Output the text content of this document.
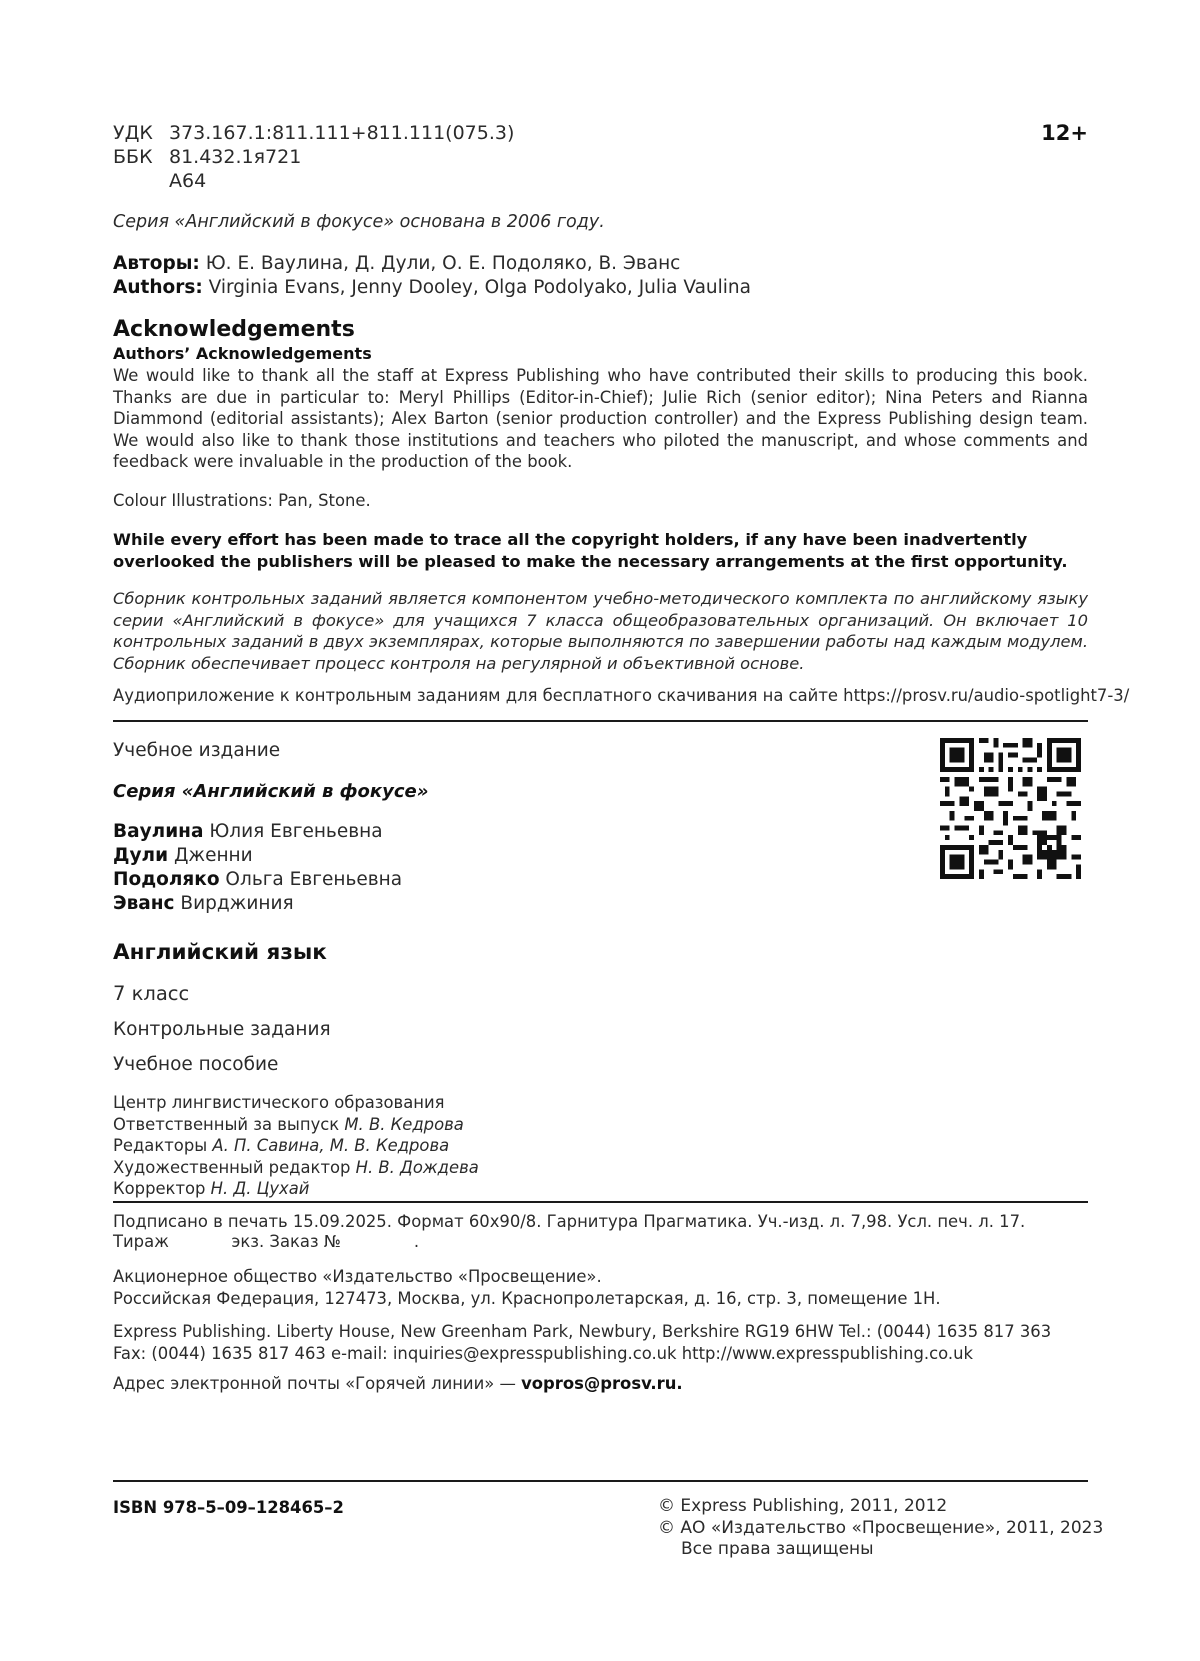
УДК 373.167.1:811.111+811.111(075.3)
ББК 81.432.1я721
А64
12+
Серия «Английский в фокусе» основана в 2006 году.
Авторы: Ю. Е. Ваулина, Д. Дули, О. Е. Подоляко, В. Эванс
Authors: Virginia Evans, Jenny Dooley, Olga Podolyako, Julia Vaulina
Acknowledgements
Authors’ Acknowledgements
We would like to thank all the staff at Express Publishing who have contributed their skills to producing this book. Thanks are due in particular to: Meryl Phillips (Editor-in-Chief); Julie Rich (senior editor); Nina Peters and Rianna Diammond (editorial assistants); Alex Barton (senior production controller) and the Express Publishing design team. We would also like to thank those institutions and teachers who piloted the manuscript, and whose comments and feedback were invaluable in the production of the book.
Colour Illustrations: Pan, Stone.
While every effort has been made to trace all the copyright holders, if any have been inadvertently overlooked the publishers will be pleased to make the necessary arrangements at the first opportunity.
Сборник контрольных заданий является компонентом учебно-методического комплекта по английскому языку серии «Английский в фокусе» для учащихся 7 класса общеобразовательных организаций. Он включает 10 контрольных заданий в двух экземплярах, которые выполняются по завершении работы над каждым модулем. Сборник обеспечивает процесс контроля на регулярной и объективной основе.
Аудиоприложение к контрольным заданиям для бесплатного скачивания на сайте https://prosv.ru/audio-spotlight7-3/
Учебное издание
Серия «Английский в фокусе»
Ваулина Юлия Евгеньевна
Дули Дженни
Подоляко Ольга Евгеньевна
Эванс Вирджиния
Английский язык
7 класс
Контрольные задания
Учебное пособие
Центр лингвистического образования
Ответственный за выпуск М. В. Кедрова
Редакторы А. П. Савина, М. В. Кедрова
Художественный редактор Н. В. Дождева
Корректор Н. Д. Цухай
Подписано в печать 15.09.2025. Формат 60x90/8. Гарнитура Прагматика. Уч.-изд. л. 7,98. Усл. печ. л. 17.
Тираж            экз. Заказ №              .
Акционерное общество «Издательство «Просвещение».
Российская Федерация, 127473, Москва, ул. Краснопролетарская, д. 16, стр. 3, помещение 1Н.
Express Publishing. Liberty House, New Greenham Park, Newbury, Berkshire RG19 6HW Tel.: (0044) 1635 817 363
Fax: (0044) 1635 817 463 e-mail: inquiries@expresspublishing.co.uk http://www.expresspublishing.co.uk
Адрес электронной почты «Горячей линии» — vopros@prosv.ru.
ISBN 978–5–09–128465–2	© Express Publishing, 2011, 2012
© АО «Издательство «Просвещение», 2011, 2023
Все права защищены
